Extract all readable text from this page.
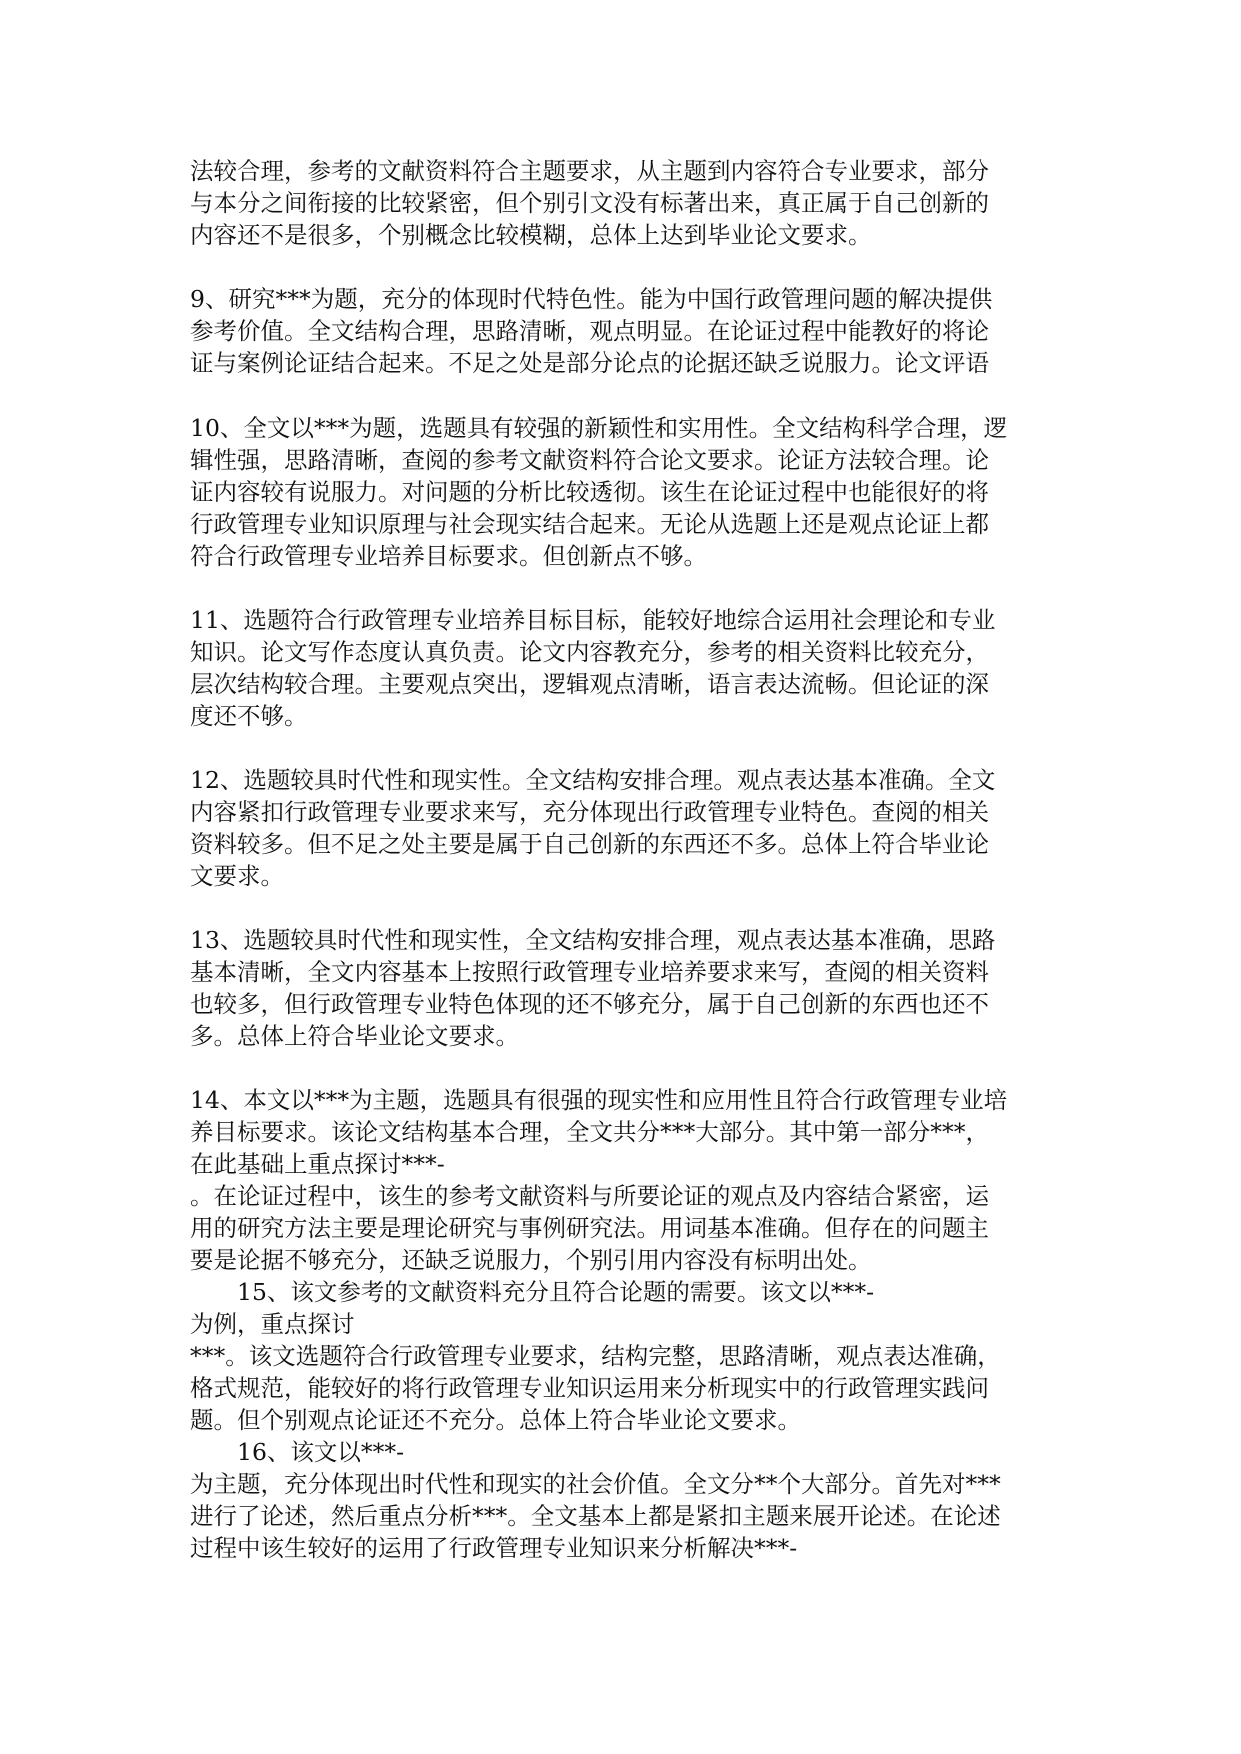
法较合理，参考的文献资料符合主题要求，从主题到内容符合专业要求，部分
与本分之间衔接的比较紧密，但个别引文没有标著出来，真正属于自己创新的
内容还不是很多，个别概念比较模糊，总体上达到毕业论文要求。
9、研究***为题，充分的体现时代特色性。能为中国行政管理问题的解决提供
参考价值。全文结构合理，思路清晰，观点明显。在论证过程中能教好的将论
证与案例论证结合起来。不足之处是部分论点的论据还缺乏说服力。论文评语
10、全文以***为题，选题具有较强的新颖性和实用性。全文结构科学合理，逻
辑性强，思路清晰，查阅的参考文献资料符合论文要求。论证方法较合理。论
证内容较有说服力。对问题的分析比较透彻。该生在论证过程中也能很好的将
行政管理专业知识原理与社会现实结合起来。无论从选题上还是观点论证上都
符合行政管理专业培养目标要求。但创新点不够。
11、选题符合行政管理专业培养目标目标，能较好地综合运用社会理论和专业
知识。论文写作态度认真负责。论文内容教充分，参考的相关资料比较充分，
层次结构较合理。主要观点突出，逻辑观点清晰，语言表达流畅。但论证的深
度还不够。
12、选题较具时代性和现实性。全文结构安排合理。观点表达基本准确。全文
内容紧扣行政管理专业要求来写，充分体现出行政管理专业特色。查阅的相关
资料较多。但不足之处主要是属于自己创新的东西还不多。总体上符合毕业论
文要求。
13、选题较具时代性和现实性，全文结构安排合理，观点表达基本准确，思路
基本清晰，全文内容基本上按照行政管理专业培养要求来写，查阅的相关资料
也较多，但行政管理专业特色体现的还不够充分，属于自己创新的东西也还不
多。总体上符合毕业论文要求。
14、本文以***为主题，选题具有很强的现实性和应用性且符合行政管理专业培
养目标要求。该论文结构基本合理，全文共分***大部分。其中第一部分***，
在此基础上重点探讨***-
。在论证过程中，该生的参考文献资料与所要论证的观点及内容结合紧密，运
用的研究方法主要是理论研究与事例研究法。用词基本准确。但存在的问题主
要是论据不够充分，还缺乏说服力，个别引用内容没有标明出处。
15、该文参考的文献资料充分且符合论题的需要。该文以***-
为例，重点探讨
***。该文选题符合行政管理专业要求，结构完整，思路清晰，观点表达准确，
格式规范，能较好的将行政管理专业知识运用来分析现实中的行政管理实践问
题。但个别观点论证还不充分。总体上符合毕业论文要求。
16、该文以***-
为主题，充分体现出时代性和现实的社会价值。全文分**个大部分。首先对***
进行了论述，然后重点分析***。全文基本上都是紧扣主题来展开论述。在论述
过程中该生较好的运用了行政管理专业知识来分析解决***-
